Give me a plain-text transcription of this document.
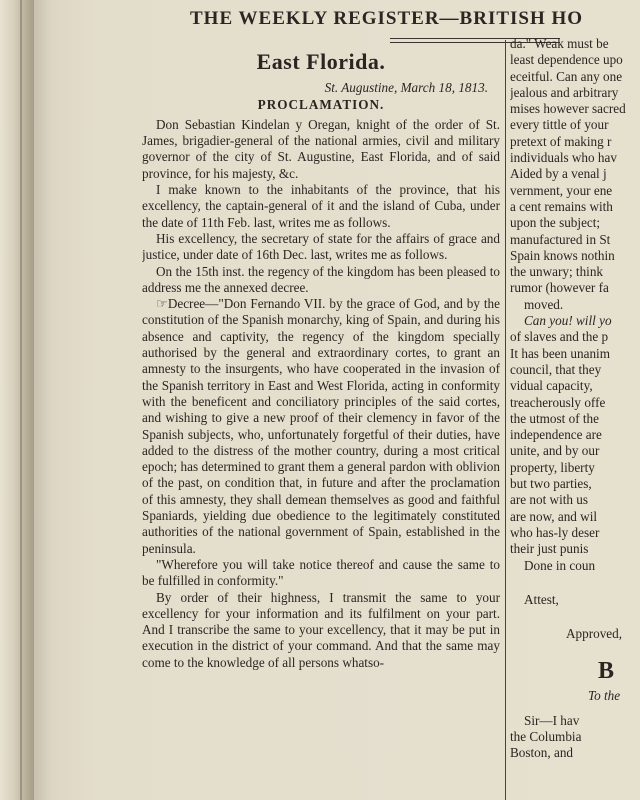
THE WEEKLY REGISTER—BRITISH HO
East Florida.
St. Augustine, March 18, 1813.
PROCLAMATION.

Don Sebastian Kindelan y Oregan, knight of the order of St. James, brigadier-general of the national armies, civil and military governor of the city of St. Augustine, East Florida, and of said province, for his majesty, &c.

I make known to the inhabitants of the province, that his excellency, the captain-general of it and the island of Cuba, under the date of 11th Feb. last, writes me as follows.

His excellency, the secretary of state for the affairs of grace and justice, under date of 16th Dec. last, writes me as follows.

On the 15th inst. the regency of the kingdom has been pleased to address me the annexed decree.

☞Decree—"Don Fernando VII. by the grace of God, and by the constitution of the Spanish monarchy, king of Spain, and during his absence and captivity, the regency of the kingdom specially authorised by the general and extraordinary cortes, to grant an amnesty to the insurgents, who have cooperated in the invasion of the Spanish territory in East and West Florida, acting in conformity with the beneficent and conciliatory principles of the said cortes, and wishing to give a new proof of their clemency in favor of the Spanish subjects, who, unfortunately forgetful of their duties, have added to the distress of the mother country, during a most critical epoch; has determined to grant them a general pardon with oblivion of the past, on condition that, in future and after the proclamation of this amnesty, they shall demean themselves as good and faithful Spaniards, yielding due obedience to the legitimately constituted authorities of the national government of Spain, established in the peninsula.

"Wherefore you will take notice thereof and cause the same to be fulfilled in conformity."

By order of their highness, I transmit the same to your excellency for your information and its fulfilment on your part. And I transcribe the same to your excellency, that it may be put in execution in the district of your command. And that the same may come to the knowledge of all persons whatso-

da." Weak must be
least dependence upo
eceitful. Can any one
jealous and arbitrary
mises however sacred
every tittle of your
pretext of making r
individuals who hav
Aided by a venal j
vernment, your ene
a cent remains with
upon the subject;
manufactured in St
Spain knows nothin
the unwary; think
rumor (however fa
moved.
Can you! will yo
of slaves and the p
It has been unanim
council, that they
vidual capacity,
treacherously offe
the utmost of the
independence are
unite, and by our
property, liberty
but two parties,
are not with us
are now, and wil
who has-ly deser
their just punis
Done in coun
Attest,
Approved,
B
To the
Sir—I hav
the Columbia
Boston, and
